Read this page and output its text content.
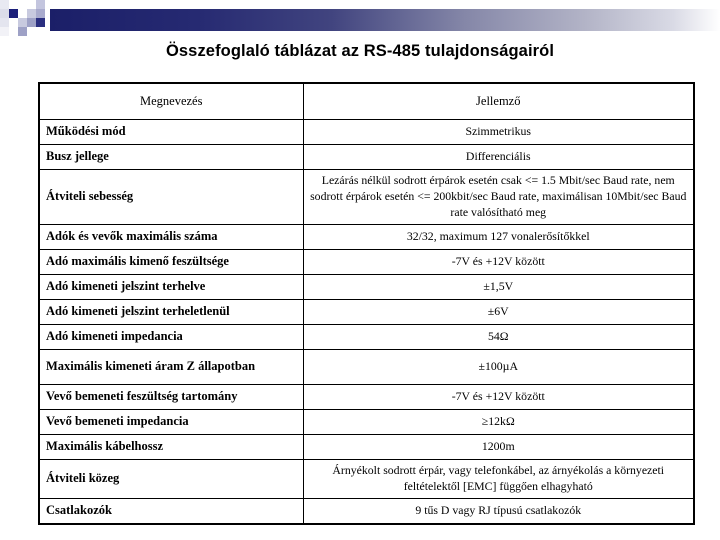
Összefoglaló táblázat az RS-485 tulajdonságairól
Megnevezés	Jellemző
Működési mód	Szimmetrikus
Busz jellege	Differenciális
Átviteli sebesség	Lezárás nélkül sodrott érpárok esetén csak <= 1.5 Mbit/sec Baud rate, nem sodrott érpárok esetén <= 200kbit/sec Baud rate, maximálisan 10Mbit/sec Baud rate valósítható meg
Adók és vevők maximális száma	32/32, maximum 127 vonalerősítőkkel
Adó maximális kimenő feszültsége	-7V és +12V között
Adó kimeneti jelszint terhelve	±1,5V
Adó kimeneti jelszint terheletlenül	±6V
Adó kimeneti impedancia	54Ω
Maximális kimeneti áram Z állapotban	±100µA
Vevő bemeneti feszültség tartomány	-7V és +12V között
Vevő bemeneti impedancia	≥12kΩ
Maximális kábelhossz	1200m
Átviteli közeg	Árnyékolt sodrott érpár, vagy telefonkábel, az árnyékolás a környezeti feltételektől [EMC] függően elhagyható
Csatlakozók	9 tűs D vagy RJ típusú csatlakozók
